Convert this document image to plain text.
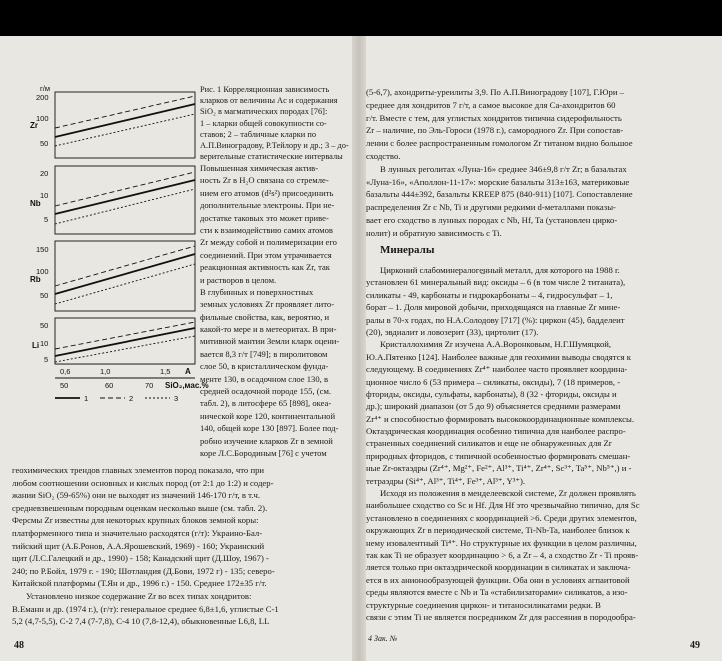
г/м
Zr
200
100
50
Nb
20
10
5
Rb
150
100
50
Li
50
10
5
0,6	1,0	1,5 A
50	60	70 SiO₂,мас.%
1	2	3
Рис. 1 Корреляционная зависимость
кларков от величины Aс и содержания
SiO₂ в магматических породах [76]:
1 – кларки общей совокупности со-
ставов; 2 – табличные кларки по
А.П.Виноградову, Р.Тейлору и др.; 3 – до-
верительные статистические интервалы
Повышенная химическая актив-
ность Zr в H₂O связана со стремле-
нием его атомов (d²s²) присоединить
дополнительные электроны. При не-
достатке таковых это может приве-
сти к взаимодействию самих атомов
Zr между собой и полимеризации его
соединений. При этом утрачивается
реакционная активность как Zr, так
и растворов в целом.
В глубинных и поверхностных
земных условиях Zr проявляет лито-
фильные свойства, как, вероятно, и
какой-то мере и в метеоритах. В при-
митивной мантии Земли кларк оцени-
вается 8,3 г/т [749]; в пиролитовом
слое 50, в кристаллическом фунда-
менте 130, в осадочном слое 130, в
средней осадочной породе 155, (см.
табл. 2), в литосфере 65 [898], океа-
нической коре 120, континентальной
140, общей коре 130 [897]. Более под-
робно изучение кларков Zr в земной
коре Л.С.Бородиным [76] с учетом
геохимических трендов главных элементов пород показало, что при
любом соотношении основных и кислых пород (от 2:1 до 1:2) и содер-
жании SiO₂ (59-65%) они не выходят из значений 146-170 г/т, в т.ч.
средневзвешенным породным оценкам несколько выше (см. табл. 2).
Ферсмы Zr известны для некоторых крупных блоков земной коры:
платформенного типа и значительно расходятся (г/т): Украино-Бал-
тийский щит (А.Б.Ронов, А.А.Ярошевский, 1969) - 160; Украинский
щит (Л.С.Галецкий и др., 1990) - 158; Канадский щит (Д.Шоу, 1967) -
240; по Р.Бойл, 1979 г. - 190; Шотландия (Д.Бови, 1972 г) - 135; северо-
Китайской платформы (Т.Ян и др., 1996 г.) - 150. Среднее 172±35 г/т.
Установлено низкое содержание Zr во всех типах хондритов:
В.Еманн и др. (1974 г.), (г/т): генеральное среднее 6,8±1,6, углистые С-1
5,2 (4,7-5,5), С-2 7,4 (7-7,8), С-4 10 (7,8-12,4), обыкновенные L6,8, LL
48
(5-6,7), ахондриты-уреилиты 3,9. По А.П.Виноградову [107], Г.Юри –
среднее для хондритов 7 г/т, а самое высокое для Са-ахондритов 60
г/т. Вместе с тем, для углистых хондритов типична сидерофильность
Zr – наличие, по Эль-Гороси (1978 г.), самородного Zr. При сопостав-
лении с более распространенным гомологом Zr титаном видно большое
сходство.
В лунных реголитах «Луна-16» среднее 346±9,8 г/т Zr; в базальтах
«Луна-16», «Аполлон-11-17»: морские базальты 313±163, материковые
базальты 444±392, базальты KREEP 875 (840-911) [107]. Сопоставление
распределения Zr с Nb, Ti и другими редкими d-металлами показы-
вает его сходство в лунных породах с Nb, Hf, Ta (установлен цирко-
нолит) и обратную зависимость с Ti.
Минералы
Цирконий слабоминералоге̲нный металл, для которого на 1988 г.
установлен 61 минеральный вид: оксиды – 6 (в том числе 2 титаната),
силикаты - 49, карбонаты и гидрокарбонаты – 4, гидросульфат – 1,
борат – 1. Доля мировой добычи, приходящаяся на главные Zr мине-
ралы в 70-х годах, по Н.А.Солодову [717] (%): циркон (45), бадделеит
(20), эвдиалит и ловозерит (33), циртолит (17).
Кристаллохимия Zr изучена А.А.Воронковым, Н.Г.Шумяцкой,
Ю.А.Пятенко [124]. Наиболее важные для геохимии выводы сводятся к
следующему. В соединениях Zr⁴⁺ наиболее часто проявляет координа-
ционное число 6 (53 примера – силикаты, оксиды), 7 (18 примеров, -
фториды, оксиды, сульфаты, карбонаты), 8 (32 - фториды, оксиды и
др.); широкий диапазон (от 5 до 9) объясняется средними размерами
Zr⁴⁺ и способностью формировать высококоординационные комплексы.
Октаэдрическая координация особенно типична для наиболее распро-
страненных соединений силикатов и еще не обнаруженных для Zr
природных фторидов, с типичной особенностью формировать смешан-
ные Zr-октаэдры (Zr⁴⁺, Mg²⁺, Fe²⁺, Al³⁺, Ti⁴⁺, Zr⁴⁺, Sc³⁺, Ta⁵⁺, Nb⁵⁺,) и -
тетраэдры (Si⁴⁺, Al³⁺, Ti⁴⁺, Fe³⁺, Al³⁺, Y³⁺).
Исходя из положения в менделеевской системе, Zr должен проявлять
наибольшее сходство со Sc и Hf. Для Hf это чрезвычайно типично, для Sc
установлено в соединениях с координацией >6. Среди других элементов,
окружающих Zr в периодической системе, Ti-Nb-Ta, наиболее близок к
нему изовалентный Ti⁴⁺. Но структурные их функции в целом различны,
так как Ti не образует координацию > 6, а Zr – 4, а сходство Zr - Ti прояв-
ляется только при октаэдрической координации в силикатах и заключа-
ется в их анионообразующей функции. Оба они в условиях агпаитовой
среды являются вместе с Nb и Ta «стабилизаторами» силикатов, а изо-
структурные соединения циркон- и титаносиликатами редки. В
связи с этим Ti не является посредником Zr для рассеяния в породообра-
4 Зак. №
49
